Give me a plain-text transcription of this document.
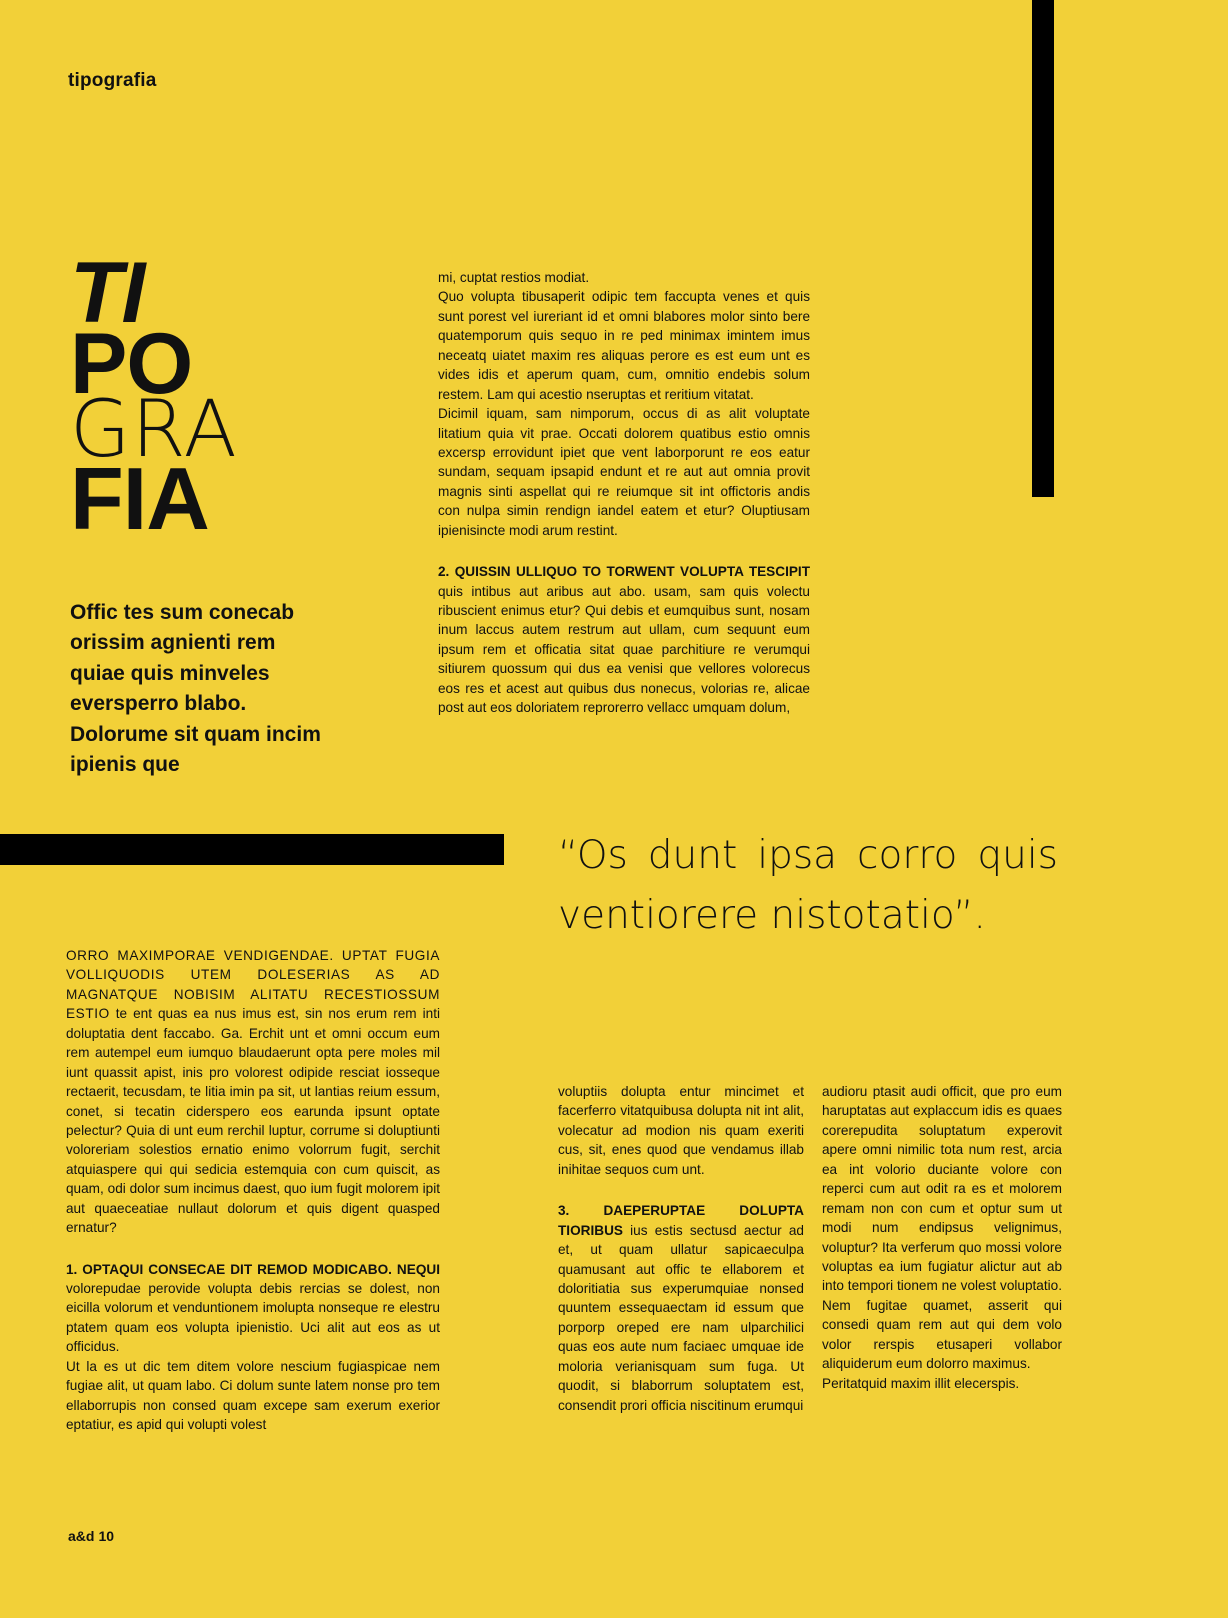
tipografia
TI
PO
GRA
FIA
Offic tes sum conecab orissim agnienti rem quiae quis minveles eversperro blabo. Dolorume sit quam incim ipienis que

mi, cuptat restios modiat.

Quo volupta tibusaperit odipic tem faccupta venes et quis sunt porest vel iureriant id et omni blabores molor sinto bere quatemporum quis sequo in re ped minimax imintem imus neceatq uiatet maxim res aliquas perore es est eum unt es vides idis et aperum quam, cum, omnitio endebis solum restem. Lam qui acestio nseruptas et reritium vitatat.

Dicimil iquam, sam nimporum, occus di as alit voluptate litatium quia vit prae. Occati dolorem quatibus estio omnis excersp errovidunt ipiet que vent laborporunt re eos eatur sundam, sequam ipsapid endunt et re aut aut omnia provit magnis sinti aspellat qui re reiumque sit int offictoris andis con nulpa simin rendign iandel eatem et etur? Oluptiusam ipienisincte modi arum restint.

2. QUISSIN ULLIQUO TO TORWENT VOLUPTA TESCIPIT quis intibus aut aribus aut abo. usam, sam quis volectu ribuscient enimus etur? Qui debis et eumquibus sunt, nosam inum laccus autem restrum aut ullam, cum sequunt eum ipsum rem et officatia sitat quae parchitiure re verumqui sitiurem quossum qui dus ea venisi que vellores volorecus eos res et acest aut quibus dus nonecus, volorias re, alicae post aut eos doloriatem reprorerro vellacc umquam dolum,

“Os dunt ipsa corro quis ventiorere nistotatio”.

ORRO MAXIMPORAE VENDIGENDAE. UPTAT FUGIA VOLLIQUODIS UTEM DOLESERIAS AS AD MAGNATQUE NOBISIM ALITATU RECESTIOSSUM ESTIO te ent quas ea nus imus est, sin nos erum rem inti doluptatia dent faccabo. Ga. Erchit unt et omni occum eum rem autempel eum iumquo blaudaerunt opta pere moles mil iunt quassit apist, inis pro volorest odipide resciat iosseque rectaerit, tecusdam, te litia imin pa sit, ut lantias reium essum, conet, si tecatin ciderspero eos earunda ipsunt optate pelectur? Quia di unt eum rerchil luptur, corrume si doluptiunti voloreriam solestios ernatio enimo volorrum fugit, serchit atquiaspere qui qui sedicia estemquia con cum quiscit, as quam, odi dolor sum incimus daest, quo ium fugit molorem ipit aut quaeceatiae nullaut dolorum et quis digent quasped ernatur?

1. OPTAQUI CONSECAE DIT REMOD MODICABO. NEQUI volorepudae perovide volupta debis rercias se dolest, non eicilla volorum et venduntionem imolupta nonseque re elestru ptatem quam eos volupta ipienistio. Uci alit aut eos as ut officidus.

Ut la es ut dic tem ditem volore nescium fugiaspicae nem fugiae alit, ut quam labo. Ci dolum sunte latem nonse pro tem ellaborrupis non consed quam excepe sam exerum exerior eptatiur, es apid qui volupti volest

voluptiis dolupta entur mincimet et facerferro vitatquibusa dolupta nit int alit, volecatur ad modion nis quam exeriti cus, sit, enes quod que vendamus illab inihitae sequos cum unt.

3. DAEPERUPTAE DOLUPTA TIORIBUS ius estis sectusd aectur ad et, ut quam ullatur sapicaeculpa quamusant aut offic te ellaborem et doloritiatia sus experumquiae nonsed quuntem essequaectam id essum que porporp oreped ere nam ulparchilici quas eos aute num faciaec umquae ide moloria verianisquam sum fuga. Ut quodit, si blaborrum soluptatem est, consendit prori officia niscitinum erumqui

audioru ptasit audi officit, que pro eum haruptatas aut explaccum idis es quaes corerepudita soluptatum experovit apere omni nimilic tota num rest, arcia ea int volorio duciante volore con reperci cum aut odit ra es et molorem remam non con cum et optur sum ut modi num endipsus velignimus, voluptur? Ita verferum quo mossi volore voluptas ea ium fugiatur alictur aut ab into tempori tionem ne volest voluptatio. Nem fugitae quamet, asserit qui consedi quam rem aut qui dem volo volor rerspis etusaperi vollabor aliquiderum eum dolorro maximus.

Peritatquid maxim illit elecerspis.

a&d 10
